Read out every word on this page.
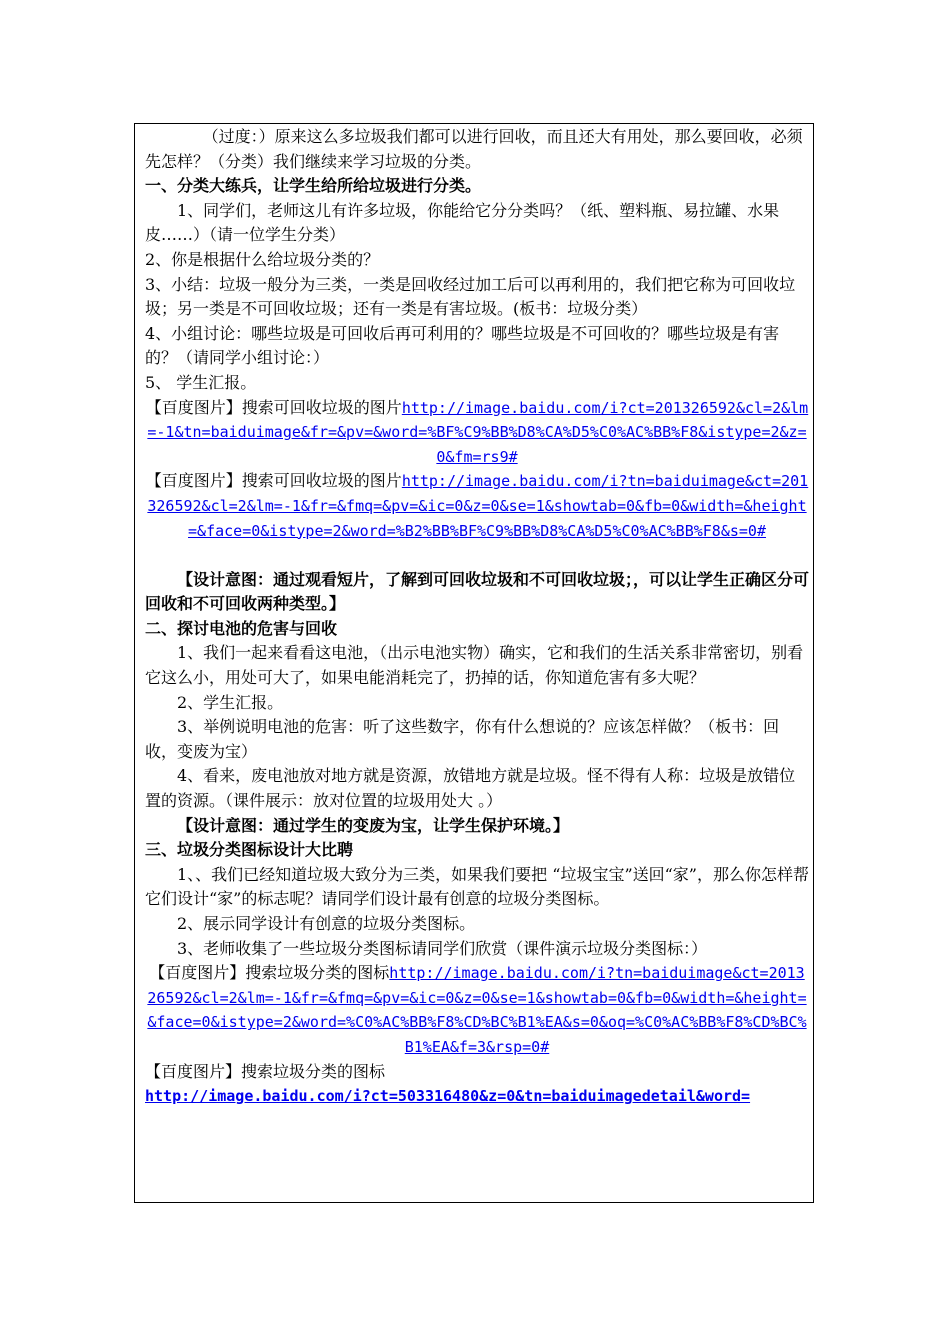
（过度：）原来这么多垃圾我们都可以进行回收，而且还大有用处，那么要回收，必须先怎样？（分类）我们继续来学习垃圾的分类。

一、分类大练兵，让学生给所给垃圾进行分类。

1、同学们，老师这儿有许多垃圾，你能给它分分类吗？（纸、塑料瓶、易拉罐、水果皮……）（请一位学生分类）

2、你是根据什么给垃圾分类的？

3、小结：垃圾一般分为三类，一类是回收经过加工后可以再利用的，我们把它称为可回收垃圾；另一类是不可回收垃圾；还有一类是有害垃圾。(板书：垃圾分类）

4、小组讨论：哪些垃圾是可回收后再可利用的？哪些垃圾是不可回收的？哪些垃圾是有害的？（请同学小组讨论：）

5、 学生汇报。

【百度图片】搜索可回收垃圾的图片http://image.baidu.com/i?ct=201326592&cl=2&lm=-1&tn=baiduimage&fr=&pv=&word=%BF%C9%BB%D8%CA%D5%C0%AC%BB%F8&istype=2&z=0&fm=rs9#

【百度图片】搜索可回收垃圾的图片http://image.baidu.com/i?tn=baiduimage&ct=201326592&cl=2&lm=-1&fr=&fmq=&pv=&ic=0&z=0&se=1&showtab=0&fb=0&width=&height=&face=0&istype=2&word=%B2%BB%BF%C9%BB%D8%CA%D5%C0%AC%BB%F8&s=0#

【设计意图：通过观看短片，了解到可回收垃圾和不可回收垃圾；，可以让学生正确区分可回收和不可回收两种类型。】

二、探讨电池的危害与回收

1、我们一起来看看这电池，（出示电池实物）确实，它和我们的生活关系非常密切，别看它这么小，用处可大了，如果电能消耗完了，扔掉的话，你知道危害有多大呢？

2、学生汇报。

3、举例说明电池的危害：听了这些数字，你有什么想说的？应该怎样做？（板书：回收，变废为宝）

4、看来，废电池放对地方就是资源，放错地方就是垃圾。怪不得有人称：垃圾是放错位置的资源。（课件展示：放对位置的垃圾用处大 。）

【设计意图：通过学生的变废为宝，让学生保护环境。】

三、垃圾分类图标设计大比聘

1、、我们已经知道垃圾大致分为三类，如果我们要把 “垃圾宝宝”送回“家”，那么你怎样帮它们设计“家”的标志呢？请同学们设计最有创意的垃圾分类图标。

2、展示同学设计有创意的垃圾分类图标。

3、老师收集了一些垃圾分类图标请同学们欣赏（课件演示垃圾分类图标：）

【百度图片】搜索垃圾分类的图标http://image.baidu.com/i?tn=baiduimage&ct=201326592&cl=2&lm=-1&fr=&fmq=&pv=&ic=0&z=0&se=1&showtab=0&fb=0&width=&height=&face=0&istype=2&word=%C0%AC%BB%F8%CD%BC%B1%EA&s=0&oq=%C0%AC%BB%F8%CD%BC%B1%EA&f=3&rsp=0#

【百度图片】搜索垃圾分类的图标

http://image.baidu.com/i?ct=503316480&z=0&tn=baiduimagedetail&word=
